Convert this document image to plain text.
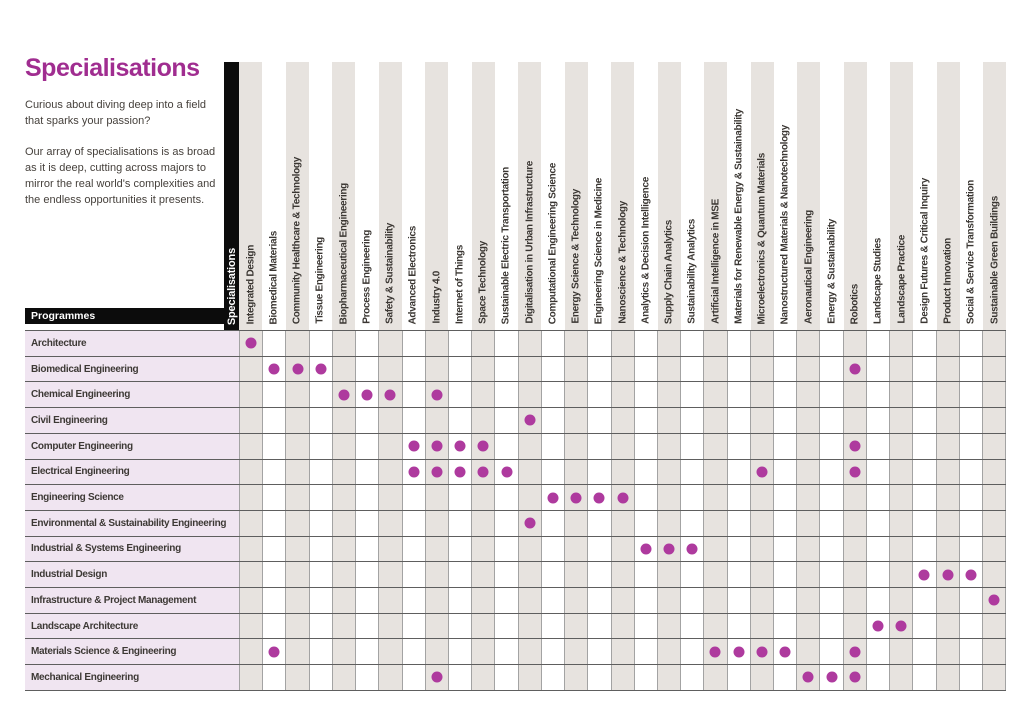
Specialisations

Curious about diving deep into a field that sparks your passion?

Our array of specialisations is as broad as it is deep, cutting across majors to mirror the real world's complexities and the endless opportunities it presents.

Specialisations Integrated Design Biomedical Materials Community Healthcare & Technology Tissue Engineering Biopharmaceutical Engineering Process Engineering Safety & Sustainability Advanced Electronics Industry 4.0 Internet of Things Space Technology Sustainable Electric Transportation Digitalisation in Urban Infrastructure Computational Engineering Science Energy Science & Technology Engineering Science in Medicine Nanoscience & Technology Analytics & Decision Intelligence Supply Chain Analytics Sustainability Analytics Artificial Intelligence in MSE Materials for Renewable Energy & Sustainability Microelectronics & Quantum Materials Nanostructured Materials & Nanotechnology Aeronautical Engineering Energy & Sustainability Robotics Landscape Studies Landscape Practice Design Futures & Critical Inquiry Product Innovation Social & Service Transformation Sustainable Green Buildings
Programmes
Architecture
Biomedical Engineering
Chemical Engineering
Civil Engineering
Computer Engineering
Electrical Engineering
Engineering Science
Environmental & Sustainability Engineering
Industrial & Systems Engineering
Industrial Design
Infrastructure & Project Management
Landscape Architecture
Materials Science & Engineering
Mechanical Engineering
